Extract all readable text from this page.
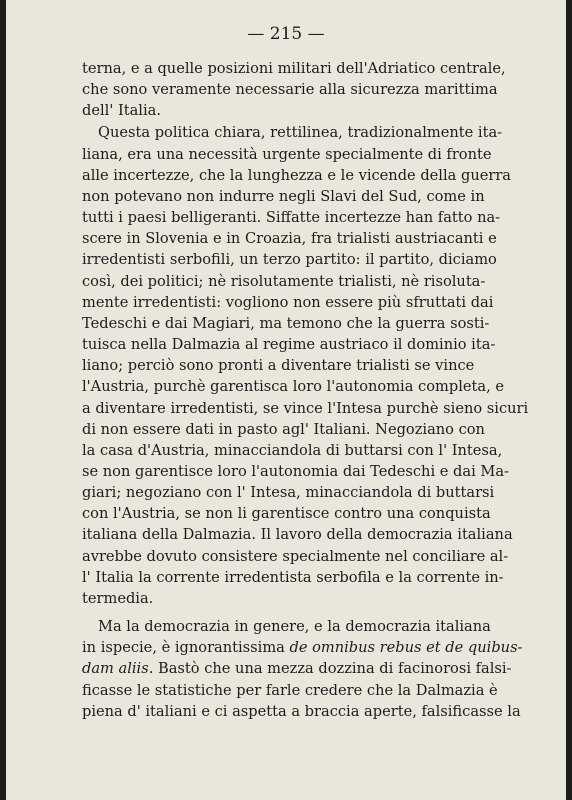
— 215 —
terna, e a quelle posizioni militari dell'Adriatico centrale,
che sono veramente necessarie alla sicurezza marittima
dell' Italia.
Questa politica chiara, rettilinea, tradizionalmente ita-
liana, era una necessità urgente specialmente di fronte
alle incertezze, che la lunghezza e le vicende della guerra
non potevano non indurre negli Slavi del Sud, come in
tutti i paesi belligeranti. Siffatte incertezze han fatto na-
scere in Slovenia e in Croazia, fra trialisti austriacanti e
irredentisti serbofili, un terzo partito: il partito, diciamo
così, dei politici; nè risolutamente trialisti, nè risoluta-
mente irredentisti: vogliono non essere più sfruttati dai
Tedeschi e dai Magiari, ma temono che la guerra sosti-
tuisca nella Dalmazia al regime austriaco il dominio ita-
liano; perciò sono pronti a diventare trialisti se vince
l'Austria, purchè garentisca loro l'autonomia completa, e
a diventare irredentisti, se vince l'Intesa purchè sieno sicuri
di non essere dati in pasto agl' Italiani. Negoziano con
la casa d'Austria, minacciandola di buttarsi con l' Intesa,
se non garentisce loro l'autonomia dai Tedeschi e dai Ma-
giari; negoziano con l' Intesa, minacciandola di buttarsi
con l'Austria, se non li garentisce contro una conquista
italiana della Dalmazia. Il lavoro della democrazia italiana
avrebbe dovuto consistere specialmente nel conciliare al-
l' Italia la corrente irredentista serbofila e la corrente in-
termedia.
Ma la democrazia in genere, e la democrazia italiana
in ispecie, è ignorantissima de omnibus rebus et de quibus-
dam aliis. Bastò che una mezza dozzina di facinorosi falsi-
ficasse le statistiche per farle credere che la Dalmazia è
piena d' italiani e ci aspetta a braccia aperte, falsificasse la
